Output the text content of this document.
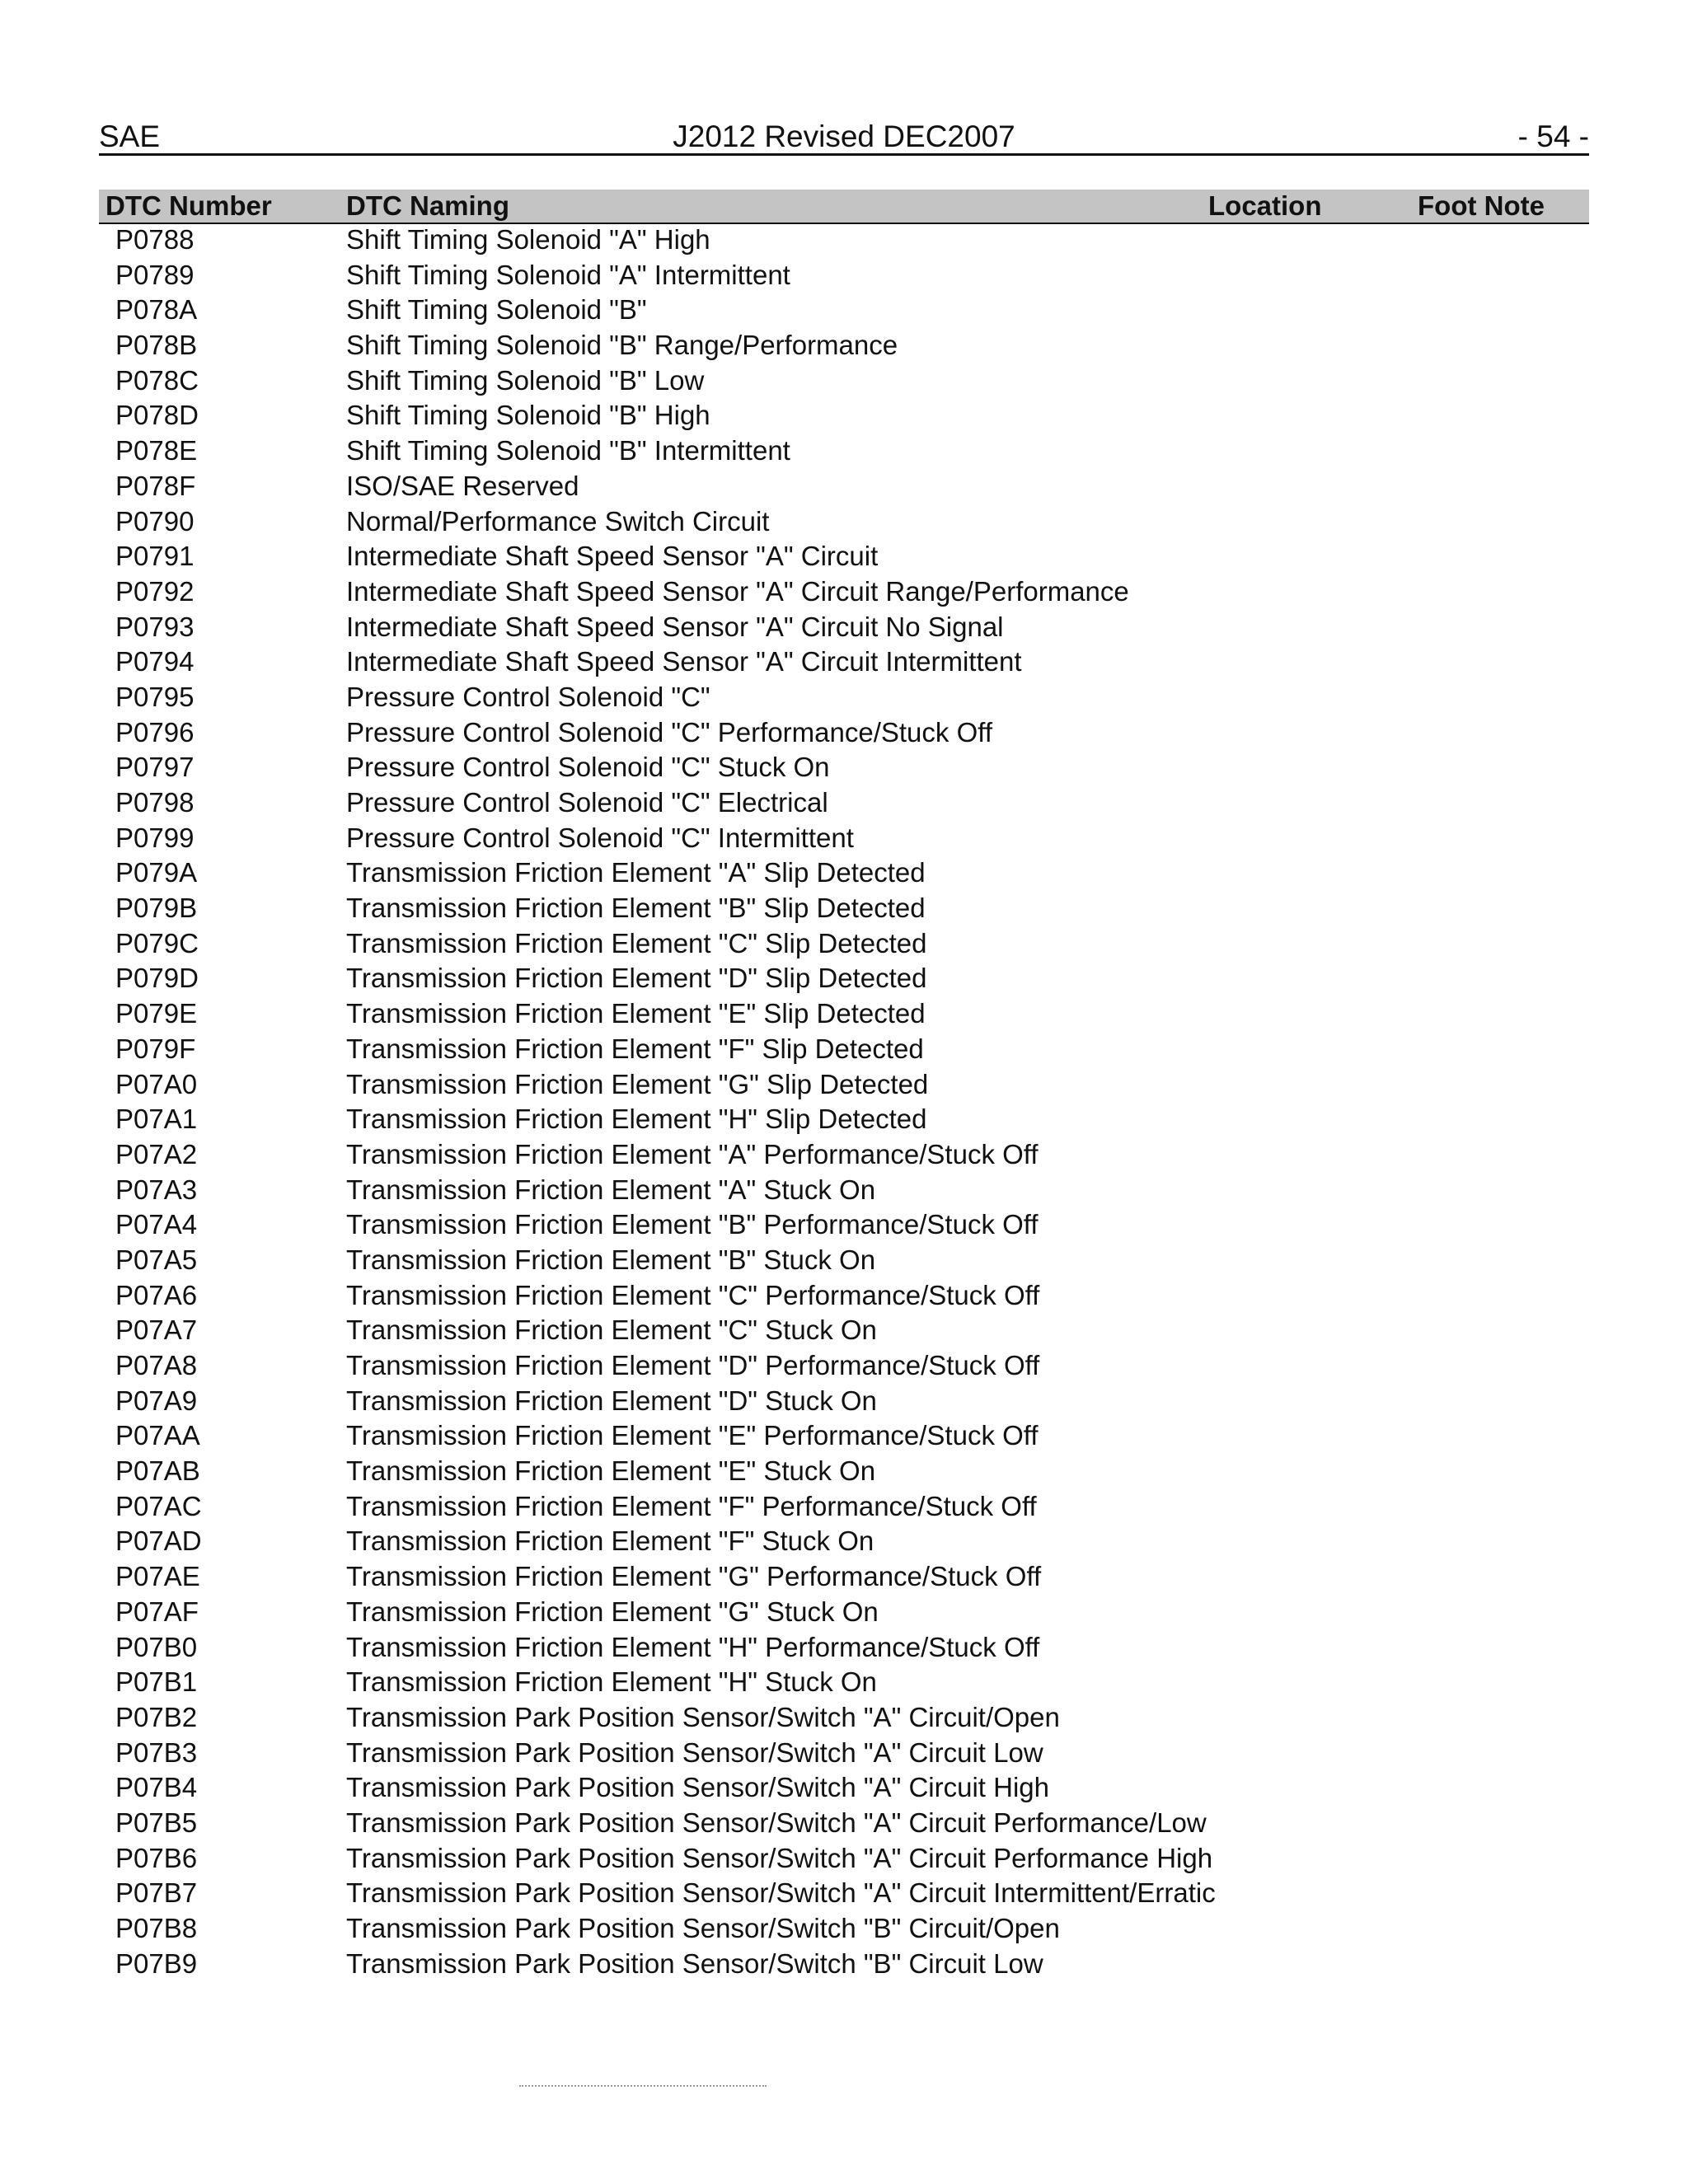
SAE	J2012 Revised DEC2007	- 54 -
DTC Number	DTC Naming	Location	Foot Note
P0788	Shift Timing Solenoid "A" High
P0789	Shift Timing Solenoid "A" Intermittent
P078A	Shift Timing Solenoid "B"
P078B	Shift Timing Solenoid "B" Range/Performance
P078C	Shift Timing Solenoid "B" Low
P078D	Shift Timing Solenoid "B" High
P078E	Shift Timing Solenoid "B" Intermittent
P078F	ISO/SAE Reserved
P0790	Normal/Performance Switch Circuit
P0791	Intermediate Shaft Speed Sensor "A" Circuit
P0792	Intermediate Shaft Speed Sensor "A" Circuit Range/Performance
P0793	Intermediate Shaft Speed Sensor "A" Circuit No Signal
P0794	Intermediate Shaft Speed Sensor "A" Circuit Intermittent
P0795	Pressure Control Solenoid "C"
P0796	Pressure Control Solenoid "C" Performance/Stuck Off
P0797	Pressure Control Solenoid "C" Stuck On
P0798	Pressure Control Solenoid "C" Electrical
P0799	Pressure Control Solenoid "C" Intermittent
P079A	Transmission Friction Element "A" Slip Detected
P079B	Transmission Friction Element "B" Slip Detected
P079C	Transmission Friction Element "C" Slip Detected
P079D	Transmission Friction Element "D" Slip Detected
P079E	Transmission Friction Element "E" Slip Detected
P079F	Transmission Friction Element "F" Slip Detected
P07A0	Transmission Friction Element "G" Slip Detected
P07A1	Transmission Friction Element "H" Slip Detected
P07A2	Transmission Friction Element "A" Performance/Stuck Off
P07A3	Transmission Friction Element "A" Stuck On
P07A4	Transmission Friction Element "B" Performance/Stuck Off
P07A5	Transmission Friction Element "B" Stuck On
P07A6	Transmission Friction Element "C" Performance/Stuck Off
P07A7	Transmission Friction Element "C" Stuck On
P07A8	Transmission Friction Element "D" Performance/Stuck Off
P07A9	Transmission Friction Element "D" Stuck On
P07AA	Transmission Friction Element "E" Performance/Stuck Off
P07AB	Transmission Friction Element "E" Stuck On
P07AC	Transmission Friction Element "F" Performance/Stuck Off
P07AD	Transmission Friction Element "F" Stuck On
P07AE	Transmission Friction Element "G" Performance/Stuck Off
P07AF	Transmission Friction Element "G" Stuck On
P07B0	Transmission Friction Element "H" Performance/Stuck Off
P07B1	Transmission Friction Element "H" Stuck On
P07B2	Transmission Park Position Sensor/Switch "A" Circuit/Open
P07B3	Transmission Park Position Sensor/Switch "A" Circuit Low
P07B4	Transmission Park Position Sensor/Switch "A" Circuit High
P07B5	Transmission Park Position Sensor/Switch "A" Circuit Performance/Low
P07B6	Transmission Park Position Sensor/Switch "A" Circuit Performance High
P07B7	Transmission Park Position Sensor/Switch "A" Circuit Intermittent/Erratic
P07B8	Transmission Park Position Sensor/Switch "B" Circuit/Open
P07B9	Transmission Park Position Sensor/Switch "B" Circuit Low
